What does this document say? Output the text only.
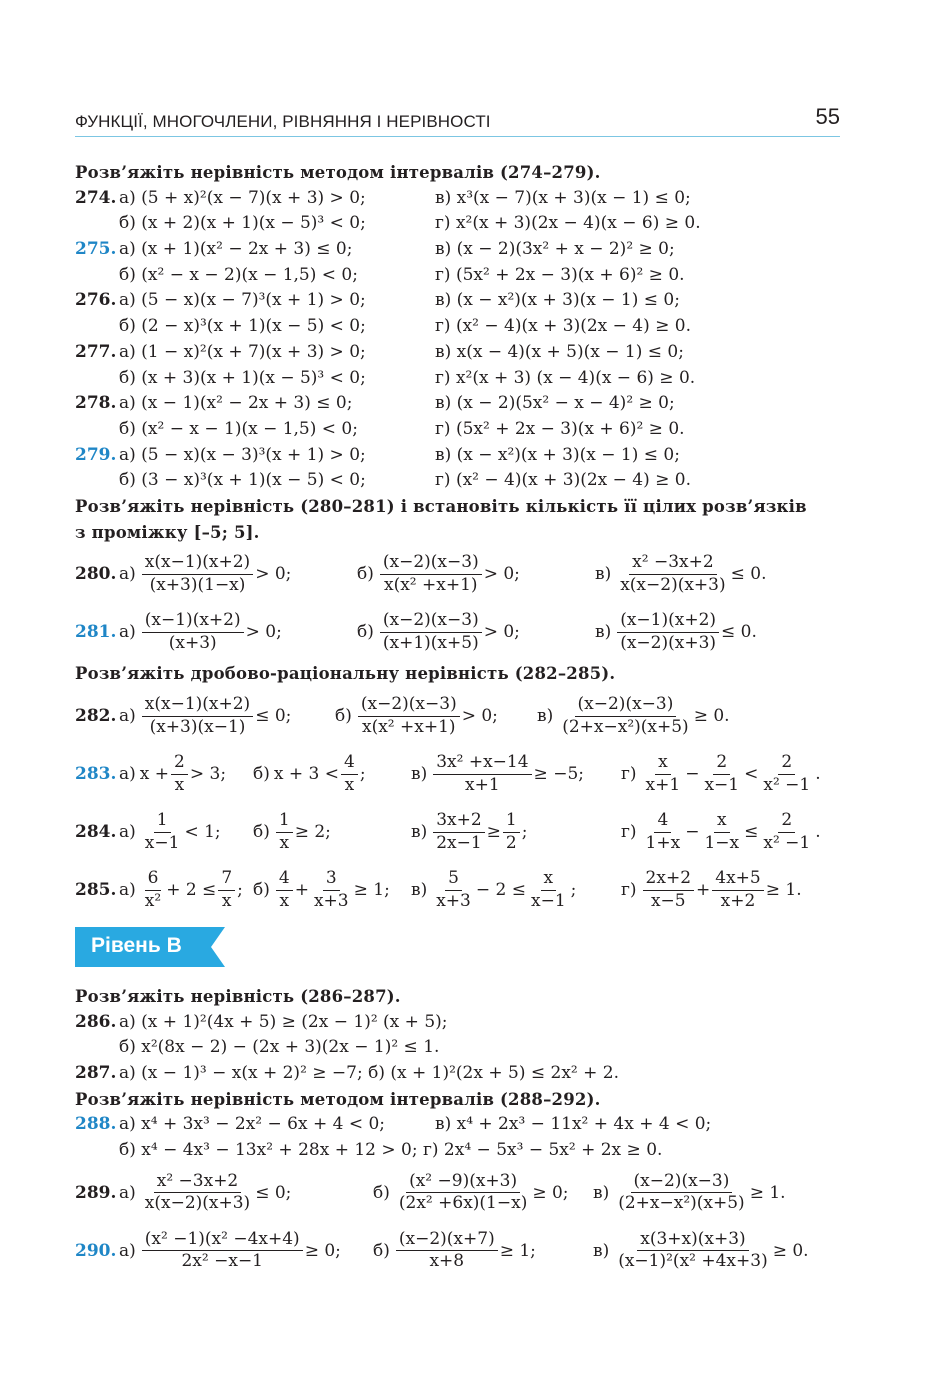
ФУНКЦІЇ, МНОГОЧЛЕНИ, РІВНЯННЯ І НЕРІВНОСТІ	55
Розв’яжіть нерівність методом інтервалів (274–279).
274. а) (5 + x)²(x − 7)(x + 3) > 0;	в) x³(x − 7)(x + 3)(x − 1) ≤ 0;
б) (x + 2)(x + 1)(x − 5)³ < 0;	г) x²(x + 3)(2x − 4)(x − 6) ≥ 0.
275. а) (x + 1)(x² − 2x + 3) ≤ 0;	в) (x − 2)(3x² + x − 2)² ≥ 0;
б) (x² − x − 2)(x − 1,5) < 0;	г) (5x² + 2x − 3)(x + 6)² ≥ 0.
276. а) (5 − x)(x − 7)³(x + 1) > 0;	в) (x − x²)(x + 3)(x − 1) ≤ 0;
б) (2 − x)³(x + 1)(x − 5) < 0;	г) (x² − 4)(x + 3)(2x − 4) ≥ 0.
277. а) (1 − x)²(x + 7)(x + 3) > 0;	в) x(x − 4)(x + 5)(x − 1) ≤ 0;
б) (x + 3)(x + 1)(x − 5)³ < 0;	г) x²(x + 3) (x − 4)(x − 6) ≥ 0.
278. а) (x − 1)(x² − 2x + 3) ≤ 0;	в) (x − 2)(5x² − x − 4)² ≥ 0;
б) (x² − x − 1)(x − 1,5) < 0;	г) (5x² + 2x − 3)(x + 6)² ≥ 0.
279. а) (5 − x)(x − 3)³(x + 1) > 0;	в) (x − x²)(x + 3)(x − 1) ≤ 0;
б) (3 − x)³(x + 1)(x − 5) < 0;	г) (x² − 4)(x + 3)(2x − 4) ≥ 0.
Розв’яжіть нерівність (280–281) і встановіть кількість її цілих розв’язків
з проміжку [–5; 5].
280. $а) \frac{x(x-1)(x+2)}{(x+3)(1-x)} > 0$;	$б) \frac{(x-2)(x-3)}{\text{x(x² +x+1)}} > 0$;	$в) \frac{\text{x² −3x+2}}{x(x-2)(x+3)} \le 0$.
281. $а) \frac{(x-1)(x+2)}{(x+3)} > 0$;	$б) \frac{(x-2)(x-3)}{(x+1)(x+5)} > 0$;	$в) \frac{(x-1)(x+2)}{(x-2)(x+3)} \le 0$.
Розв’яжіть дробово-раціональну нерівність (282–285).
282. $а) \frac{x(x-1)(x+2)}{(x+3)(x-1)} \le 0$;	$б) \frac{(x-2)(x-3)}{\text{x(x² +x+1)}} > 0$; $в) \frac{(x-2)(x-3)}{\text{(2+x−x²)(x+5)}} \ge 0$.
283. а) $x + \frac{2}{x} > 3$; б) $x + 3 < \frac{4}{x}$ ;	$в) \frac{\text{3x² +x−14}}{x+1} \ge -5$; $г) \frac{x}{x+1} - \frac{2}{x-1} < \frac{2}{\text{x² −1}}$ .
284. $а) \frac{1}{x-1} < 1$; $б) \frac{1}{x} \ge 2$;	$в) \frac{3x+2}{2x-1} \ge \frac{1}{2}$ ;	$г) \frac{4}{1+x} - \frac{x}{1-x} \le \frac{2}{\text{x² −1}}$ .
285. $а) \frac{6}{\text{x²}} + 2 \le \frac{7}{x}$ ; $б) \frac{4}{x} + \frac{3}{x+3} \ge 1$; $в) \frac{5}{x+3} - 2 \le \frac{x}{x-1}$ ;	$г) \frac{2x+2}{x-5} + \frac{4x+5}{x+2} \ge 1$.
Рівень В
Розв’яжіть нерівність (286–287).
286. а) (x + 1)²(4x + 5) ≥ (2x − 1)² (x + 5);
б) x²(8x − 2) − (2x + 3)(2x − 1)² ≤ 1.
287. а) (x − 1)³ − x(x + 2)² ≥ −7; б) (x + 1)²(2x + 5) ≤ 2x² + 2.
Розв’яжіть нерівність методом інтервалів (288–292).
288. а) x⁴ + 3x³ − 2x² − 6x + 4 < 0;	в) x⁴ + 2x³ − 11x² + 4x + 4 < 0;
б) x⁴ − 4x³ − 13x² + 28x + 12 > 0; г) 2x⁴ − 5x³ − 5x² + 2x ≥ 0.
289. $а) \frac{\text{x² −3x+2}}{x(x-2)(x+3)} \le 0$;	$б) \frac{\text{(x² −9)(x+3)}}{\text{(2x² +6x)(1−x)}} \ge 0$; $в) \frac{(x-2)(x-3)}{\text{(2+x−x²)(x+5)}} \ge 1$.
290. $а) \frac{\text{(x² −1)(x² −4x+4)}}{\text{2x² −x−1}} \ge 0$; $б) \frac{(x-2)(x+7)}{x+8} \ge 1$;	$в) \frac{x(3+x)(x+3)}{\text{(x−1)²(x² +4x+3)}} \ge 0$.
